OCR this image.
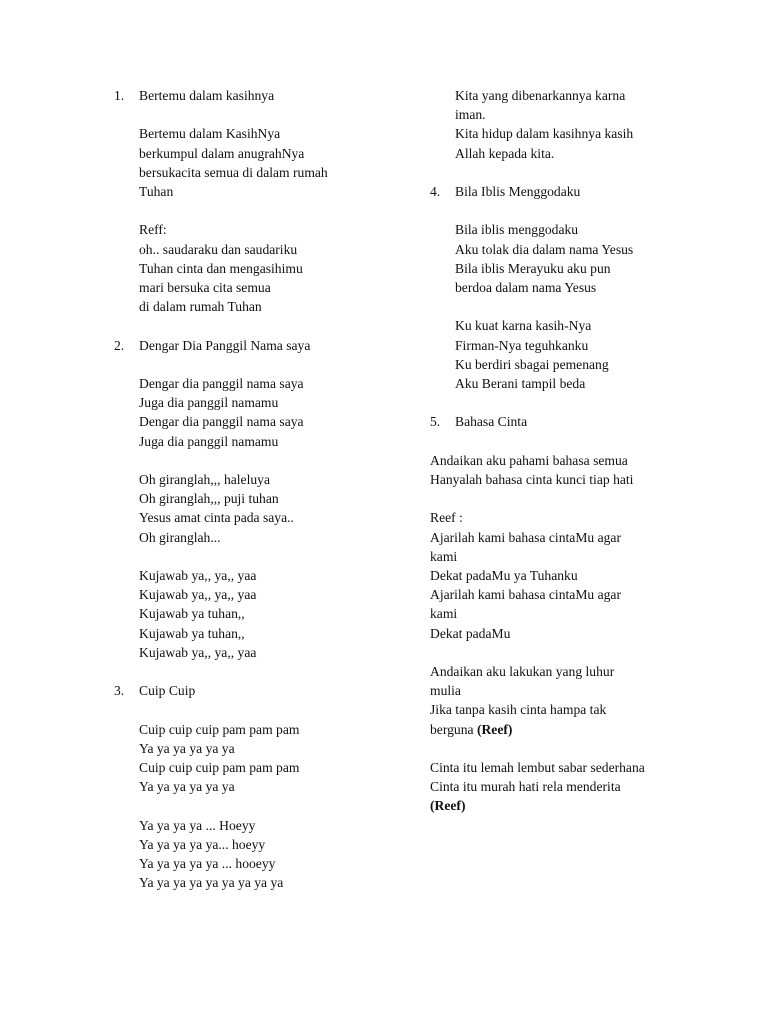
1.	Bertemu dalam kasihnya
Bertemu dalam KasihNya
berkumpul dalam anugrahNya
bersukacita semua di dalam rumah
Tuhan
Reff:
oh.. saudaraku dan saudariku
Tuhan cinta dan mengasihimu
mari bersuka cita semua
di dalam rumah Tuhan
2.	Dengar Dia Panggil Nama saya
Dengar dia panggil nama saya
Juga dia panggil namamu
Dengar dia panggil nama saya
Juga dia panggil namamu
Oh giranglah,,, haleluya
Oh giranglah,,, puji tuhan
Yesus amat cinta pada saya..
Oh giranglah...
Kujawab ya,, ya,, yaa
Kujawab ya,, ya,, yaa
Kujawab ya tuhan,,
Kujawab ya tuhan,,
Kujawab ya,, ya,, yaa
3.	Cuip Cuip
Cuip cuip cuip pam pam pam
Ya ya ya ya ya ya
Cuip cuip cuip pam pam pam
Ya ya ya ya ya ya
Ya ya ya ya ... Hoeyy
Ya ya ya ya ya... hoeyy
Ya ya ya ya ya ... hooeyy
Ya ya ya ya ya ya ya ya ya
Kita yang dibenarkannya karna
iman.
Kita hidup dalam kasihnya kasih
Allah kepada kita.
4.	Bila Iblis Menggodaku
Bila iblis menggodaku
Aku tolak dia dalam nama Yesus
Bila iblis Merayuku aku pun
berdoa dalam nama Yesus
Ku kuat karna kasih-Nya
Firman-Nya teguhkanku
Ku berdiri sbagai pemenang
Aku Berani tampil beda
5.	Bahasa Cinta
Andaikan aku pahami bahasa semua
Hanyalah bahasa cinta kunci tiap hati
Reef :
Ajarilah kami bahasa cintaMu agar
kami
Dekat padaMu ya Tuhanku
Ajarilah kami bahasa cintaMu agar
kami
Dekat padaMu
Andaikan aku lakukan yang luhur
mulia
Jika tanpa kasih cinta hampa tak
berguna (Reef)
Cinta itu lemah lembut sabar sederhana
Cinta itu murah hati rela menderita
(Reef)
